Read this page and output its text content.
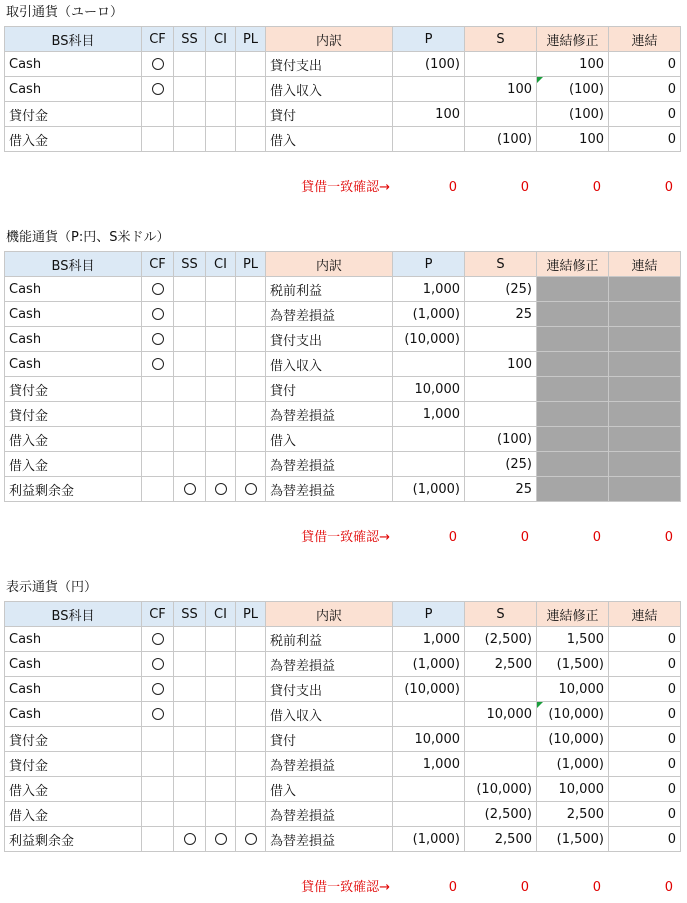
取引通貨（ユーロ）
BS科目	CF	SS	CI	PL	内訳	P	S	連結修正	連結
Cash					貸付支出	(100)		100	0
Cash					借入収入		100	(100)	0
貸付金					貸付	100		(100)	0
借入金					借入		(100)	100	0
貸借一致確認→	0	0	0	0
機能通貨（P:円、S米ドル）
BS科目	CF	SS	CI	PL	内訳	P	S	連結修正	連結
Cash					税前利益	1,000	(25)		
Cash					為替差損益	(1,000)	25		
Cash					貸付支出	(10,000)			
Cash					借入収入		100		
貸付金					貸付	10,000			
貸付金					為替差損益	1,000			
借入金					借入		(100)		
借入金					為替差損益		(25)		
利益剰余金					為替差損益	(1,000)	25		
貸借一致確認→	0	0	0	0
表示通貨（円）
BS科目	CF	SS	CI	PL	内訳	P	S	連結修正	連結
Cash					税前利益	1,000	(2,500)	1,500	0
Cash					為替差損益	(1,000)	2,500	(1,500)	0
Cash					貸付支出	(10,000)		10,000	0
Cash					借入収入		10,000	(10,000)	0
貸付金					貸付	10,000		(10,000)	0
貸付金					為替差損益	1,000		(1,000)	0
借入金					借入		(10,000)	10,000	0
借入金					為替差損益		(2,500)	2,500	0
利益剰余金					為替差損益	(1,000)	2,500	(1,500)	0
貸借一致確認→	0	0	0	0
